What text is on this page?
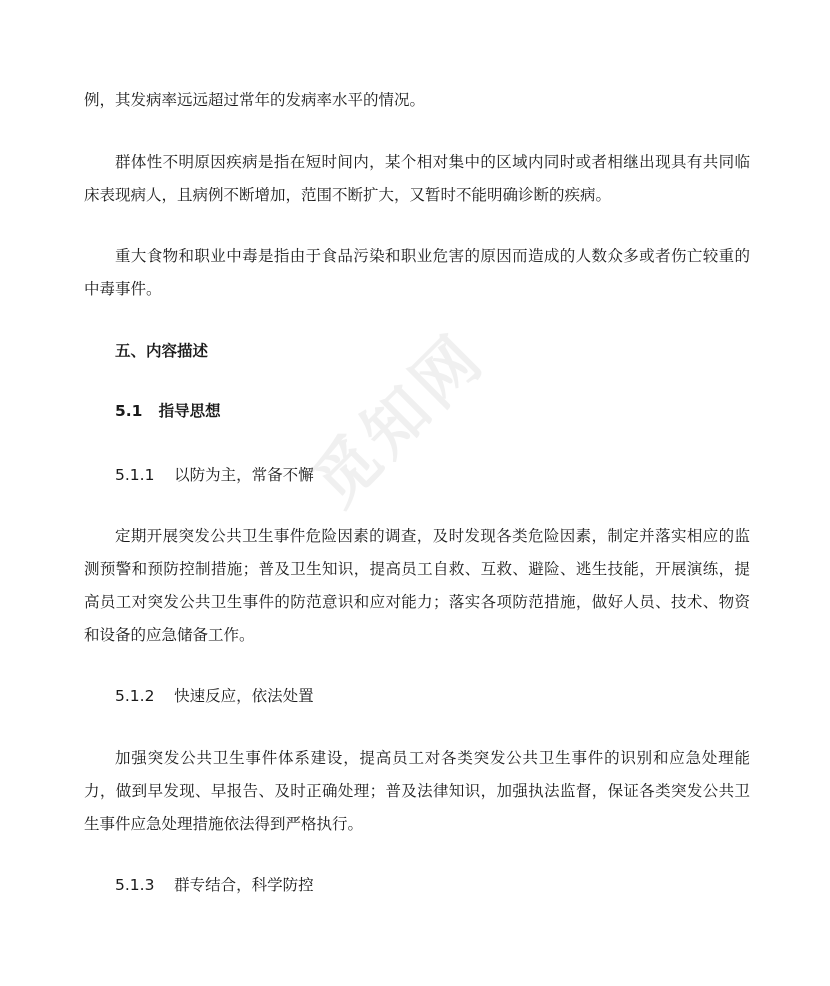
觅知网

例，其发病率远远超过常年的发病率水平的情况。

群体性不明原因疾病是指在短时间内，某个相对集中的区域内同时或者相继出现具有共同临床表现病人，且病例不断增加，范围不断扩大，又暂时不能明确诊断的疾病。

重大食物和职业中毒是指由于食品污染和职业危害的原因而造成的人数众多或者伤亡较重的中毒事件。

五、内容描述

5.1   指导思想

5.1.1    以防为主，常备不懈

定期开展突发公共卫生事件危险因素的调查，及时发现各类危险因素，制定并落实相应的监测预警和预防控制措施；普及卫生知识，提高员工自救、互救、避险、逃生技能，开展演练，提高员工对突发公共卫生事件的防范意识和应对能力；落实各项防范措施，做好人员、技术、物资和设备的应急储备工作。

5.1.2    快速反应，依法处置

加强突发公共卫生事件体系建设，提高员工对各类突发公共卫生事件的识别和应急处理能力，做到早发现、早报告、及时正确处理；普及法律知识，加强执法监督，保证各类突发公共卫生事件应急处理措施依法得到严格执行。

5.1.3    群专结合，科学防控
